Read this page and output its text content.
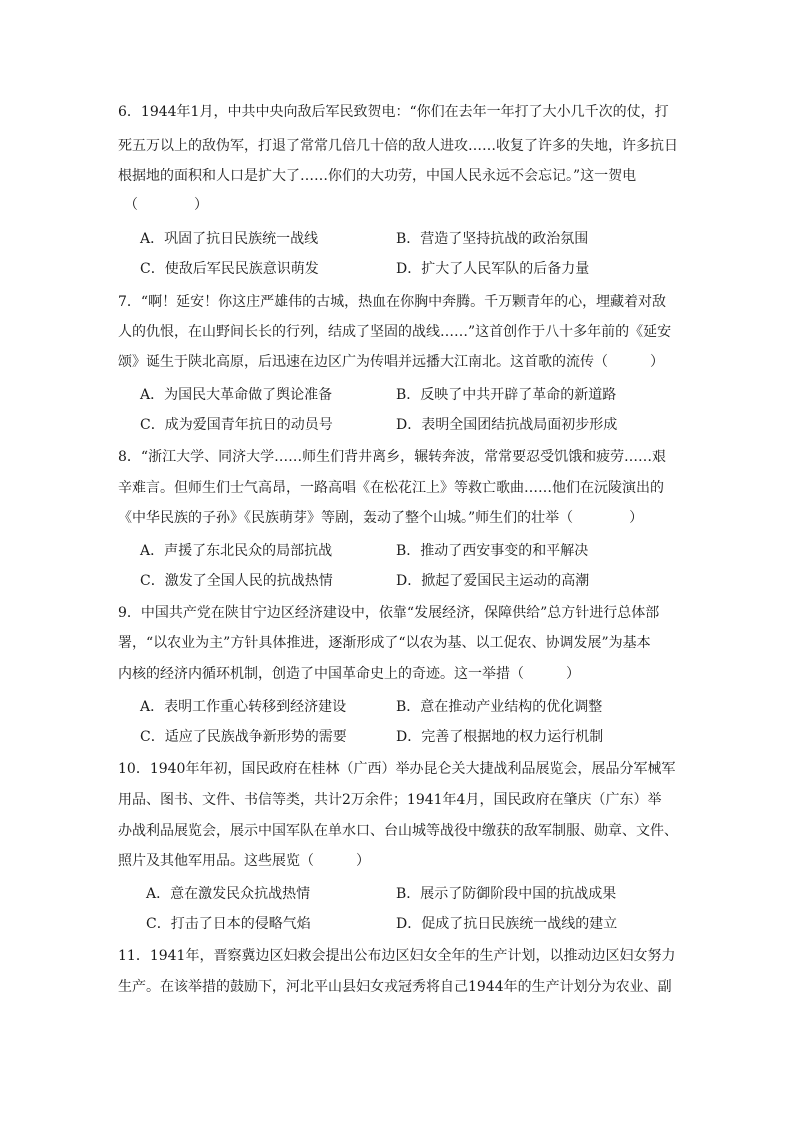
6．1944年1月，中共中央向敌后军民致贺电：“你们在去年一年打了大小几千次的仗，打
死五万以上的敌伪军，打退了常常几倍几十倍的敌人进攻……收复了许多的失地，许多抗日
根据地的面积和人口是扩大了……你们的大功劳，中国人民永远不会忘记。”这一贺电
（　　　　）
A．巩固了抗日民族统一战线	B．营造了坚持抗战的政治氛围
C．使敌后军民民族意识萌发	D．扩大了人民军队的后备力量
7．“啊！延安！你这庄严雄伟的古城，热血在你胸中奔腾。千万颗青年的心，埋藏着对敌
人的仇恨，在山野间长长的行列，结成了坚固的战线……”这首创作于八十多年前的《延安
颂》诞生于陕北高原，后迅速在边区广为传唱并远播大江南北。这首歌的流传（　　　）
A．为国民大革命做了舆论准备	B．反映了中共开辟了革命的新道路
C．成为爱国青年抗日的动员号	D．表明全国团结抗战局面初步形成
8．“浙江大学、同济大学……师生们背井离乡，辗转奔波，常常要忍受饥饿和疲劳……艰
辛难言。但师生们士气高昂，一路高唱《在松花江上》等救亡歌曲……他们在沅陵演出的
《中华民族的子孙》《民族萌芽》等剧，轰动了整个山城。”师生们的壮举（　　　　）
A．声援了东北民众的局部抗战	B．推动了西安事变的和平解决
C．激发了全国人民的抗战热情	D．掀起了爱国民主运动的高潮
9．中国共产党在陕甘宁边区经济建设中，依靠“发展经济，保障供给”总方针进行总体部
署，“以农业为主”方针具体推进，逐渐形成了“以农为基、以工促农、协调发展”为基本
内核的经济内循环机制，创造了中国革命史上的奇迹。这一举措（　　　）
A．表明工作重心转移到经济建设	B．意在推动产业结构的优化调整
C．适应了民族战争新形势的需要	D．完善了根据地的权力运行机制
10．1940年年初，国民政府在桂林（广西）举办昆仑关大捷战利品展览会，展品分军械军
用品、图书、文件、书信等类，共计2万余件；1941年4月，国民政府在肇庆（广东）举
办战利品展览会，展示中国军队在单水口、台山城等战役中缴获的敌军制服、勋章、文件、
照片及其他军用品。这些展览（　　　）
A．意在激发民众抗战热情	B．展示了防御阶段中国的抗战成果
C．打击了日本的侵略气焰	D．促成了抗日民族统一战线的建立
11．1941年，晋察冀边区妇救会提出公布边区妇女全年的生产计划，以推动边区妇女努力
生产。在该举措的鼓励下，河北平山县妇女戎冠秀将自己1944年的生产计划分为农业、副
